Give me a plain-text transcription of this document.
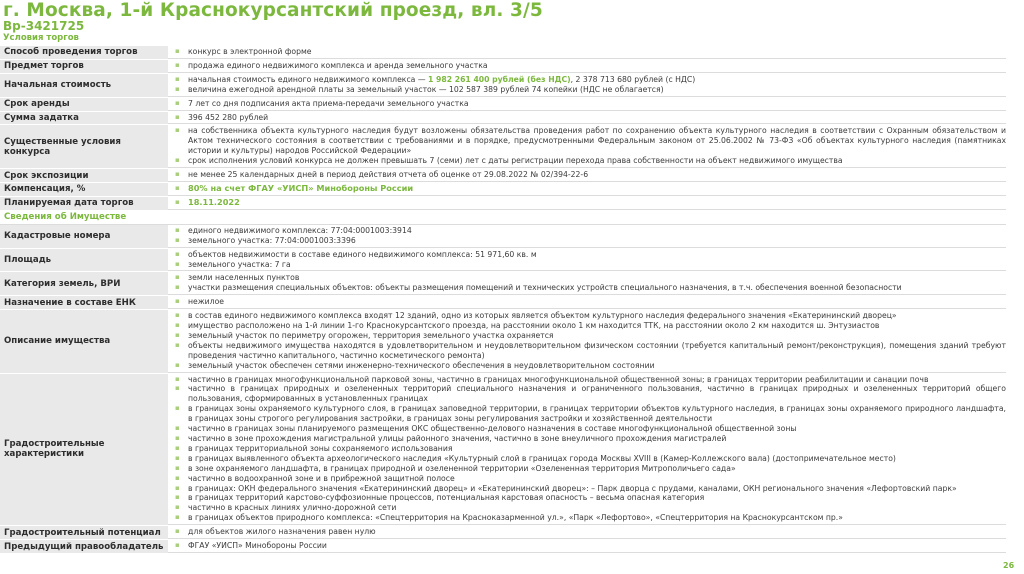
г. Москва, 1-й Краснокурсантский проезд, вл. 3/5
Вр-3421725
Условия торгов
Способ проведения торгов	▪ конкурс в электронной форме
Предмет торгов	▪ продажа единого недвижимого комплекса и аренда земельного участка
Начальная стоимость
▪ начальная стоимость единого недвижимого комплекса — 1 982 261 400 рублей (без НДС), 2 378 713 680 рублей (с НДС)
▪ величина ежегодной арендной платы за земельный участок — 102 587 389 рублей 74 копейки (НДС не облагается)
Срок аренды	▪ 7 лет со дня подписания акта приема-передачи земельного участка
Сумма задатка	▪ 396 452 280 рублей
Существенные условия конкурса
▪ на собственника объекта культурного наследия будут возложены обязательства проведения работ по сохранению объекта культурного наследия в соответствии с Охранным обязательством и Актом технического состояния в соответствии с требованиями и в порядке, предусмотренными Федеральным законом от 25.06.2002 № 73-ФЗ «Об объектах культурного наследия (памятниках истории и культуры) народов Российской Федерации»
▪ срок исполнения условий конкурса не должен превышать 7 (семи) лет с даты регистрации перехода права собственности на объект недвижимого имущества
Срок экспозиции	▪ не менее 25 календарных дней в период действия отчета об оценке от 29.08.2022 № 02/394-22-6
Компенсация, %	▪ 80% на счет ФГАУ «УИСП» Минобороны России
Планируемая дата торгов	▪ 18.11.2022
Сведения об Имуществе
Кадастровые номера
▪ единого недвижимого комплекса: 77:04:0001003:3914
▪ земельного участка: 77:04:0001003:3396
Площадь
▪ объектов недвижимости в составе единого недвижимого комплекса: 51 971,60 кв. м
▪ земельного участка: 7 га
Категория земель, ВРИ
▪ земли населенных пунктов
▪ участки размещения специальных объектов: объекты размещения помещений и технических устройств специального назначения, в т.ч. обеспечения военной безопасности
Назначение в составе ЕНК	▪ нежилое
Описание имущества
▪ в состав единого недвижимого комплекса входят 12 зданий, одно из которых является объектом культурного наследия федерального значения «Екатерининский дворец»
▪ имущество расположено на 1-й линии 1-го Краснокурсантского проезда, на расстоянии около 1 км находится ТТК, на расстоянии около 2 км находится ш. Энтузиастов
▪ земельный участок по периметру огорожен, территория земельного участка охраняется
▪ объекты недвижимого имущества находятся в удовлетворительном и неудовлетворительном физическом состоянии (требуется капитальный ремонт/реконструкция), помещения зданий требуют проведения частично капитального, частично косметического ремонта)
▪ земельный участок обеспечен сетями инженерно-технического обеспечения в неудовлетворительном состоянии
Градостроительные характеристики
▪ частично в границах многофункциональной парковой зоны, частично в границах многофункциональной общественной зоны; в границах территории реабилитации и санации почв
▪ частично в границах природных и озелененных территорий специального назначения и ограниченного пользования, частично в границах природных и озелененных территорий общего пользования, сформированных в установленных границах
▪ в границах зоны охраняемого культурного слоя, в границах заповедной территории, в границах территории объектов культурного наследия, в границах зоны охраняемого природного ландшафта, в границах зоны строгого регулирования застройки, в границах зоны регулирования застройки и хозяйственной деятельности
▪ частично в границах зоны планируемого размещения ОКС общественно-делового назначения в составе многофункциональной общественной зоны
▪ частично в зоне прохождения магистральной улицы районного значения, частично в зоне внеуличного прохождения магистралей
▪ в границах территориальной зоны сохраняемого использования
▪ в границах выявленного объекта археологического наследия «Культурный слой в границах города Москвы XVIII в (Камер-Коллежского вала) (достопримечательное место)
▪ в зоне охраняемого ландшафта, в границах природной и озелененной территории «Озелененная территория Митрополичьего сада»
▪ частично в водоохранной зоне и в прибрежной защитной полосе
▪ в границах: ОКН федерального значения «Екатерининский дворец» и «Екатерининский дворец»: – Парк дворца с прудами, каналами, ОКН регионального значения «Лефортовский парк»
▪ в границах территорий карстово-суффозионные процессов, потенциальная карстовая опасность – весьма опасная категория
▪ частично в красных линиях улично-дорожной сети
▪ в границах объектов природного комплекса: «Спецтерритория на Красноказарменной ул.», «Парк «Лефортово», «Спецтерритория на Краснокурсантском пр.»
Градостроительный потенциал	▪ для объектов жилого назначения равен нулю
Предыдущий правообладатель	▪ ФГАУ «УИСП» Минобороны России
26
